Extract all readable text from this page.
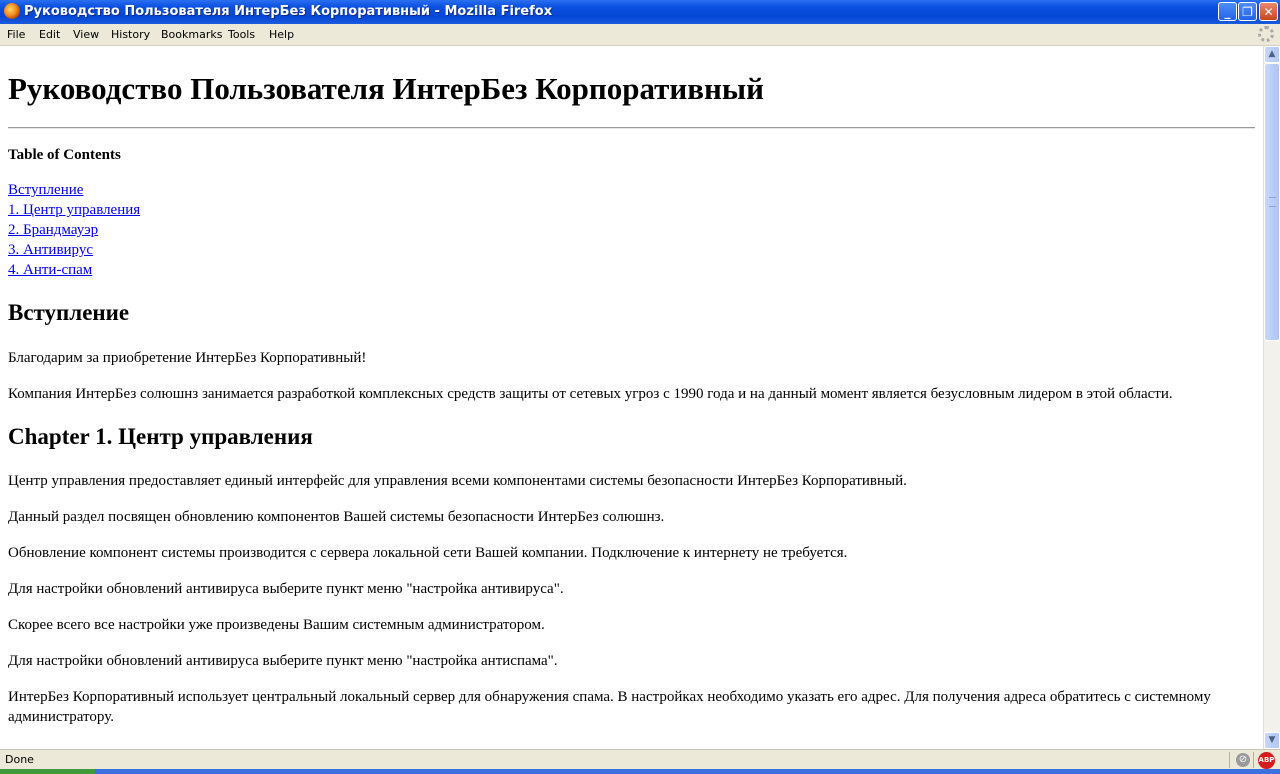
Руководство Пользователя ИнтерБез Корпоративный - Mozilla Firefox	_ ❐ ✕
File Edit View History Bookmarks Tools Help
Руководство Пользователя ИнтерБез Корпоративный
Table of Contents
Вступление
1. Центр управления
2. Брандмауэр
3. Антивирус
4. Анти-спам
Вступление

Благодарим за приобретение ИнтерБез Корпоративный!

Компания ИнтерБез солюшнз занимается разработкой комплексных средств защиты от сетевых угроз с 1990 года и на данный момент является безусловным лидером в этой области.

Chapter 1. Центр управления

Центр управления предоставляет единый интерфейс для управления всеми компонентами системы безопасности ИнтерБез Корпоративный.

Данный раздел посвящен обновлению компонентов Вашей системы безопасности ИнтерБез солюшнз.

Обновление компонент системы производится с сервера локальной сети Вашей компании. Подключение к интернету не требуется.

Для настройки обновлений антивируса выберите пункт меню "настройка антивируса".

Скорее всего все настройки уже произведены Вашим системным администратором.

Для настройки обновлений антивируса выберите пункт меню "настройка антиспама".

ИнтерБез Корпоративный использует центральный локальный сервер для обнаружения спама. В настройках необходимо указать его адрес. Для получения адреса обратитесь с системному администратору.

▲
▼
Done	⊘	ABP
